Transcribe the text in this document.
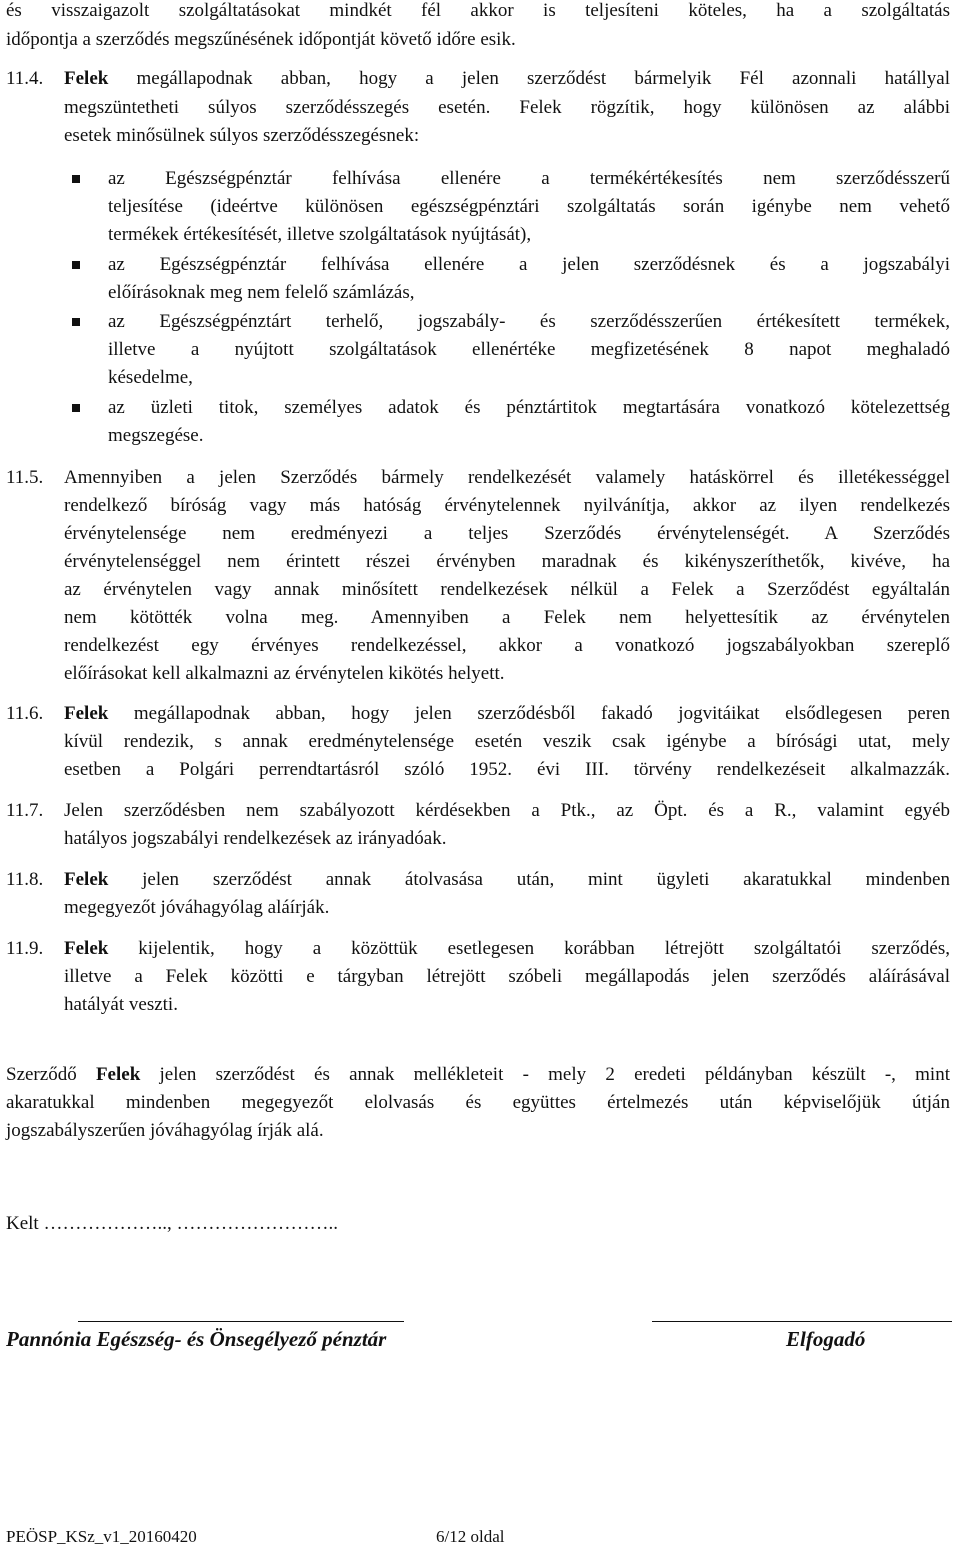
és visszaigazolt szolgáltatásokat mindkét fél akkor is teljesíteni köteles, ha a szolgáltatás
időpontja a szerződés megszűnésének időpontját követő időre esik.
11.4. Felek megállapodnak abban, hogy a jelen szerződést bármelyik Fél azonnali hatállyal
megszüntetheti súlyos szerződésszegés esetén. Felek rögzítik, hogy különösen az alábbi
esetek minősülnek súlyos szerződésszegésnek:
az Egészségpénztár felhívása ellenére a termékértékesítés nem szerződésszerű
teljesítése (ideértve különösen egészségpénztári szolgáltatás során igénybe nem vehető
termékek értékesítését, illetve szolgáltatások nyújtását),
az Egészségpénztár felhívása ellenére a jelen szerződésnek és a jogszabályi
előírásoknak meg nem felelő számlázás,
az Egészségpénztárt terhelő, jogszabály- és szerződésszerűen értékesített termékek,
illetve a nyújtott szolgáltatások ellenértéke megfizetésének 8 napot meghaladó
késedelme,
az üzleti titok, személyes adatok és pénztártitok megtartására vonatkozó kötelezettség
megszegése.
11.5. Amennyiben a jelen Szerződés bármely rendelkezését valamely hatáskörrel és illetékességgel
rendelkező bíróság vagy más hatóság érvénytelennek nyilvánítja, akkor az ilyen rendelkezés
érvénytelensége nem eredményezi a teljes Szerződés érvénytelenségét. A Szerződés
érvénytelenséggel nem érintett részei érvényben maradnak és kikényszeríthetők, kivéve, ha
az érvénytelen vagy annak minősített rendelkezések nélkül a Felek a Szerződést egyáltalán
nem kötötték volna meg. Amennyiben a Felek nem helyettesítik az érvénytelen
rendelkezést egy érvényes rendelkezéssel, akkor a vonatkozó jogszabályokban szereplő
előírásokat kell alkalmazni az érvénytelen kikötés helyett.
11.6. Felek megállapodnak abban, hogy jelen szerződésből fakadó jogvitáikat elsődlegesen peren
kívül rendezik, s annak eredménytelensége esetén veszik csak igénybe a bírósági utat, mely
esetben a Polgári perrendtartásról szóló 1952. évi III. törvény rendelkezéseit alkalmazzák.
11.7. Jelen szerződésben nem szabályozott kérdésekben a Ptk., az Öpt. és a R., valamint egyéb
hatályos jogszabályi rendelkezések az irányadóak.
11.8. Felek jelen szerződést annak átolvasása után, mint ügyleti akaratukkal mindenben
megegyezőt jóváhagyólag aláírják.
11.9. Felek kijelentik, hogy a közöttük esetlegesen korábban létrejött szolgáltatói szerződés,
illetve a Felek közötti e tárgyban létrejött szóbeli megállapodás jelen szerződés aláírásával
hatályát veszti.
Szerződő Felek jelen szerződést és annak mellékleteit - mely 2 eredeti példányban készült -, mint
akaratukkal mindenben megegyezőt elolvasás és együttes értelmezés után képviselőjük útján
jogszabályszerűen jóváhagyólag írják alá.
Kelt ……………….., ……………………..
Pannónia Egészség- és Önsegélyező pénztár	Elfogadó
PEÖSP_KSz_v1_20160420	6/12 oldal
